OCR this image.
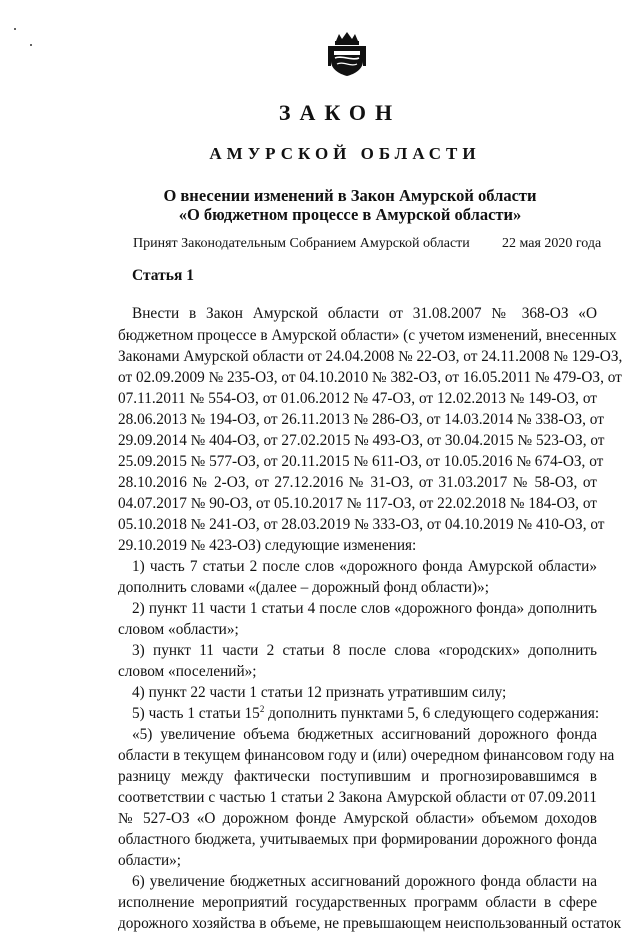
ЗАКОН
АМУРСКОЙ ОБЛАСТИ
О внесении изменений в Закон Амурской области
«О бюджетном процессе в Амурской области»
Принят Законодательным Собранием Амурской области 22 мая 2020 года
Статья 1
Внести в Закон Амурской области от 31.08.2007 № 368-ОЗ «О
бюджетном процессе в Амурской области» (с учетом изменений, внесенных
Законами Амурской области от 24.04.2008 № 22-ОЗ, от 24.11.2008 № 129-ОЗ,
от 02.09.2009 № 235-ОЗ, от 04.10.2010 № 382-ОЗ, от 16.05.2011 № 479-ОЗ, от
07.11.2011 № 554-ОЗ, от 01.06.2012 № 47-ОЗ, от 12.02.2013 № 149-ОЗ, от
28.06.2013 № 194-ОЗ, от 26.11.2013 № 286-ОЗ, от 14.03.2014 № 338-ОЗ, от
29.09.2014 № 404-ОЗ, от 27.02.2015 № 493-ОЗ, от 30.04.2015 № 523-ОЗ, от
25.09.2015 № 577-ОЗ, от 20.11.2015 № 611-ОЗ, от 10.05.2016 № 674-ОЗ, от
28.10.2016 № 2-ОЗ, от 27.12.2016 № 31-ОЗ, от 31.03.2017 № 58-ОЗ, от
04.07.2017 № 90-ОЗ, от 05.10.2017 № 117-ОЗ, от 22.02.2018 № 184-ОЗ, от
05.10.2018 № 241-ОЗ, от 28.03.2019 № 333-ОЗ, от 04.10.2019 № 410-ОЗ, от
29.10.2019 № 423-ОЗ) следующие изменения:
1) часть 7 статьи 2 после слов «дорожного фонда Амурской области»
дополнить словами «(далее – дорожный фонд области)»;
2) пункт 11 части 1 статьи 4 после слов «дорожного фонда» дополнить
словом «области»;
3) пункт 11 части 2 статьи 8 после слова «городских» дополнить
словом «поселений»;
4) пункт 22 части 1 статьи 12 признать утратившим силу;
5) часть 1 статьи $15^2$ дополнить пунктами 5, 6 следующего содержания:
«5) увеличение объема бюджетных ассигнований дорожного фонда
области в текущем финансовом году и (или) очередном финансовом году на
разницу между фактически поступившим и прогнозировавшимся в
соответствии с частью 1 статьи 2 Закона Амурской области от 07.09.2011
№ 527-ОЗ «О дорожном фонде Амурской области» объемом доходов
областного бюджета, учитываемых при формировании дорожного фонда
области»;
6) увеличение бюджетных ассигнований дорожного фонда области на
исполнение мероприятий государственных программ области в сфере
дорожного хозяйства в объеме, не превышающем неиспользованный остаток
